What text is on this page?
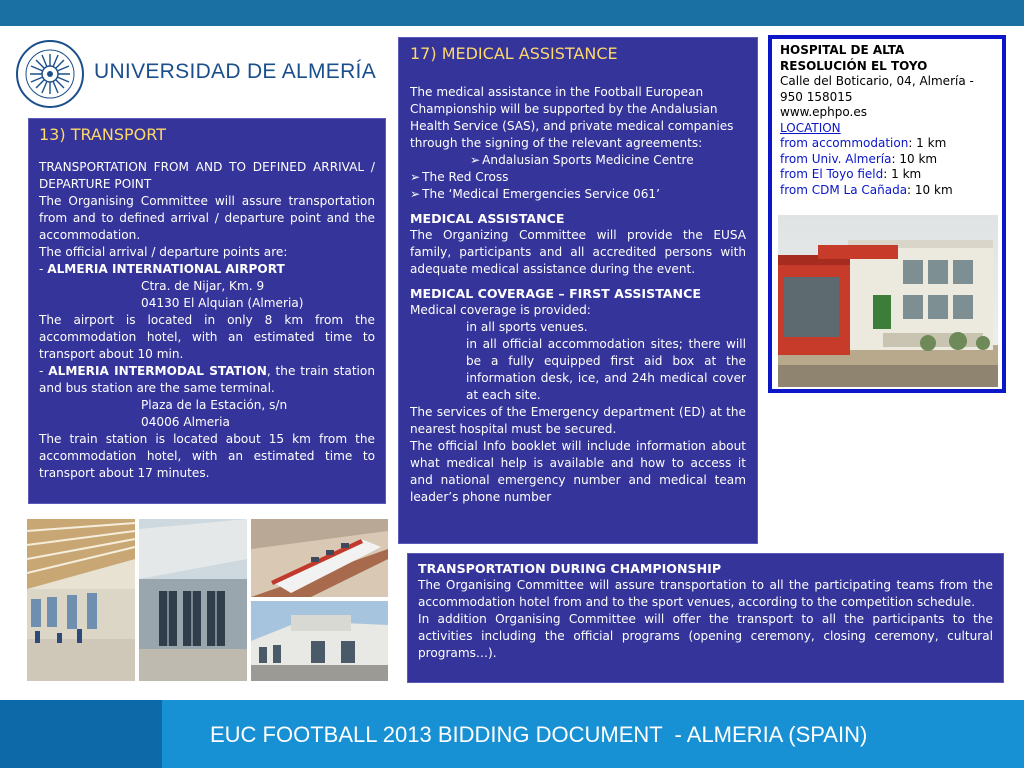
UNIVERSIDAD DE ALMERÍA
13) TRANSPORT

TRANSPORTATION FROM AND TO DEFINED ARRIVAL / DEPARTURE POINT

The Organising Committee will assure transportation from and to defined arrival / departure point and the accommodation.

The official arrival / departure points are:

- ALMERIA INTERNATIONAL AIRPORT

Ctra. de Nijar, Km. 9

04130 El Alquian (Almeria)

The airport is located in only 8 km from the accommodation hotel, with an estimated time to transport about 10 min.

- ALMERIA INTERMODAL STATION, the train station and bus station are the same terminal.

Plaza de la Estación, s/n

04006 Almeria

The train station is located about 15 km from the accommodation hotel, with an estimated time to transport about 17 minutes.

17) MEDICAL ASSISTANCE

The medical assistance in the Football European Championship will be supported by the Andalusian Health Service (SAS), and private medical companies through the signing of the relevant agreements:

➢ Andalusian Sports Medicine Centre

➢ The Red Cross

➢ The ‘Medical Emergencies Service 061’

MEDICAL ASSISTANCE

The Organizing Committee will provide the EUSA family, participants and all accredited persons with adequate medical assistance during the event.

MEDICAL COVERAGE – FIRST ASSISTANCE

Medical coverage is provided:

in all sports venues.

in all official accommodation sites; there will be a fully equipped first aid box at the information desk, ice, and 24h medical cover at each site.

The services of the Emergency department (ED) at the nearest hospital must be secured.

The official Info booklet will include information about what medical help is available and how to access it and national emergency number and medical team leader’s phone number

HOSPITAL DE ALTA RESOLUCIÓN EL TOYO
Calle del Boticario, 04, Almería - 950 158015
www.ephpo.es
LOCATION
from accommodation: 1 km
from Univ. Almería: 10 km
from El Toyo field: 1 km
from CDM La Cañada: 10 km

TRANSPORTATION DURING CHAMPIONSHIP

The Organising Committee will assure transportation to all the participating teams from the accommodation hotel from and to the sport venues, according to the competition schedule.

In addition Organising Committee will offer the transport to all the participants to the activities including the official programs (opening ceremony, closing ceremony, cultural programs…).

EUC FOOTBALL 2013 BIDDING DOCUMENT  - ALMERIA (SPAIN)
